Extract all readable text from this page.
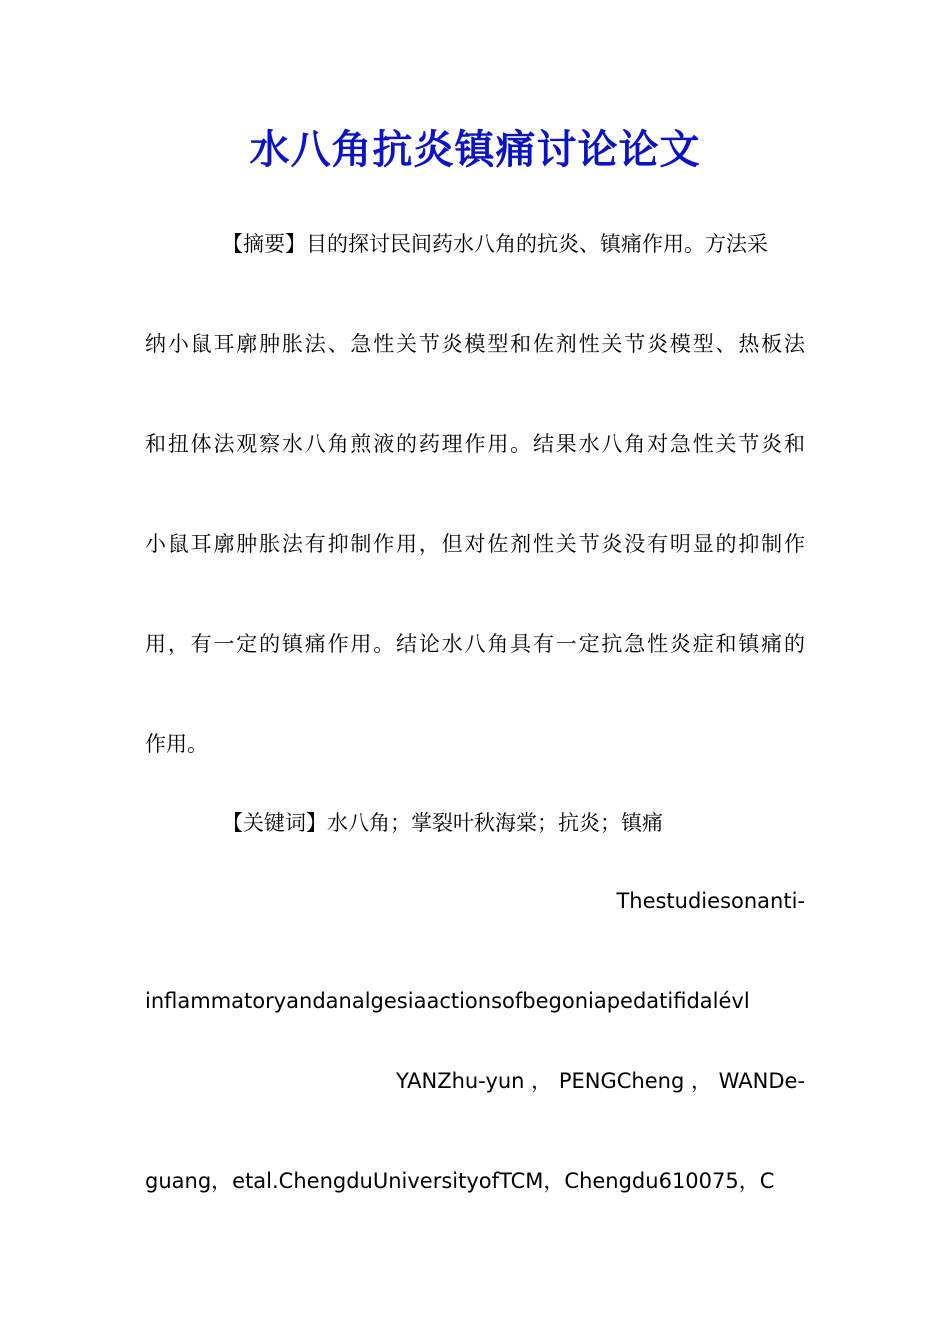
水八角抗炎镇痛讨论论文
【摘要】目的探讨民间药水八角的抗炎、镇痛作用。方法采
纳小鼠耳廓肿胀法、急性关节炎模型和佐剂性关节炎模型、热板法
和扭体法观察水八角煎液的药理作用。结果水八角对急性关节炎和
小鼠耳廓肿胀法有抑制作用，但对佐剂性关节炎没有明显的抑制作
用，有一定的镇痛作用。结论水八角具有一定抗急性炎症和镇痛的
作用。
【关键词】水八角；掌裂叶秋海棠；抗炎；镇痛
Thestudiesonanti-
inflammatoryandanalgesiaactionsofbegoniapedatifidalévl
YANZhu-yun ， PENGCheng ， WANDe-
guang，etal.ChengduUniversityofTCM，Chengdu610075，C
